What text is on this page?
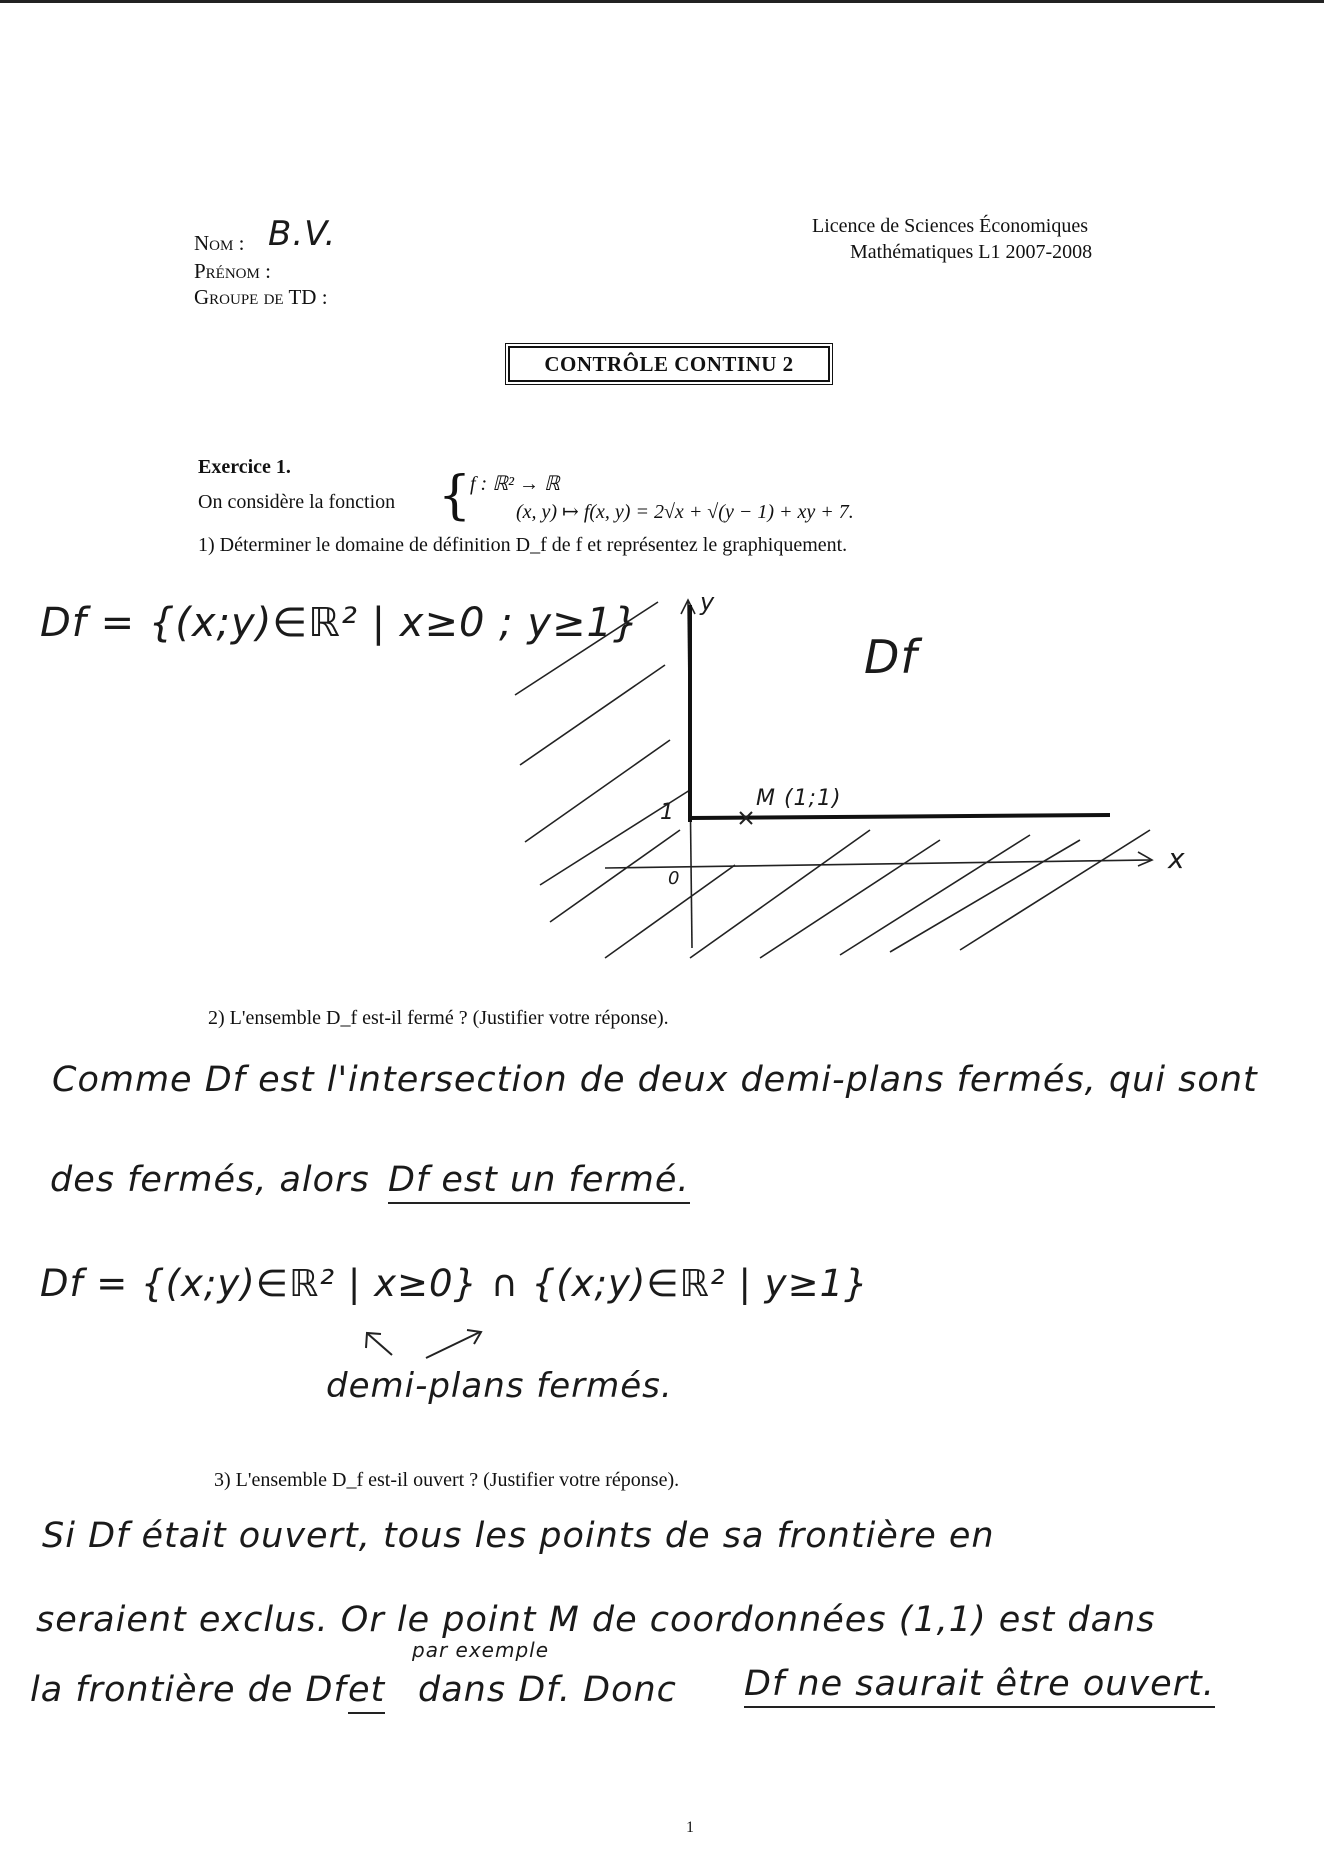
Nom : B.V.
Prénom :
Groupe de TD :
Licence de Sciences Économiques
Mathématiques L1 2007-2008
CONTRÔLE CONTINU 2
Exercice 1.
On considère la fonction {
f : ℝ² → ℝ
(x, y) ↦ f(x, y) = 2√x + √(y − 1) + xy + 7.
1) Déterminer le domaine de définition D_f de f et représentez le graphiquement.
Df = {(x;y)∈ℝ² | x≥0 ; y≥1}
Df
y
x
1
0
M (1;1)
2) L'ensemble D_f est-il fermé ? (Justifier votre réponse).
Comme Df est l'intersection de deux demi-plans fermés, qui sont
des fermés, alors Df est un fermé.
Df = {(x;y)∈ℝ² | x≥0} ∩ {(x;y)∈ℝ² | y≥1}
demi-plans fermés.
3) L'ensemble D_f est-il ouvert ? (Justifier votre réponse).
Si Df était ouvert, tous les points de sa frontière en
seraient exclus. Or le point M de coordonnées (1,1) est dans
par exemple
la frontière de Df et dans Df. Donc Df ne saurait être ouvert.
1
